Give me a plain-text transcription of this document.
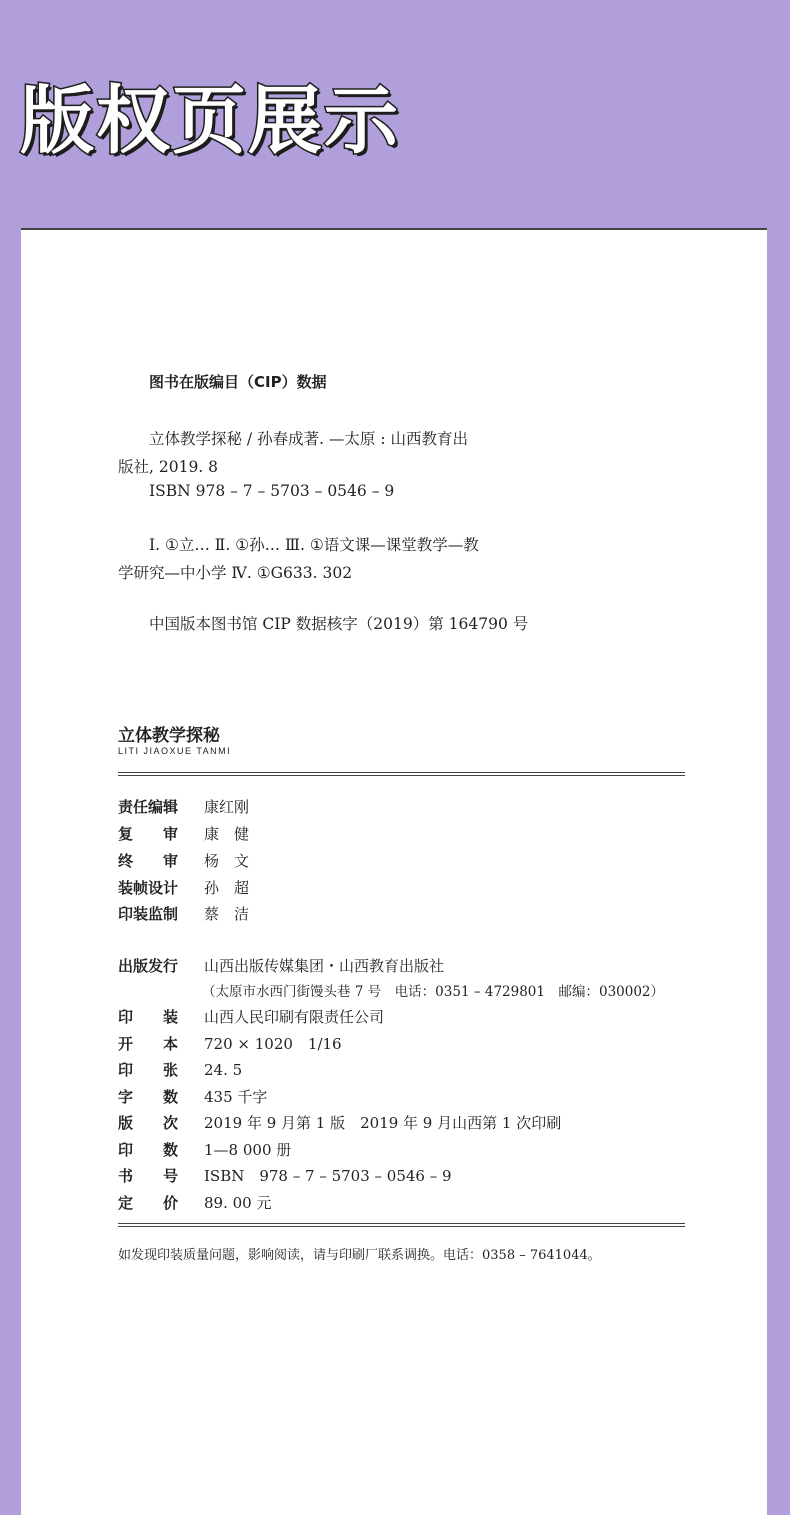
版权页展示
图书在版编目（CIP）数据
立体教学探秘 / 孙春成著. —太原 : 山西教育出
版社, 2019. 8
ISBN 978 – 7 – 5703 – 0546 – 9
Ⅰ. ①立… Ⅱ. ①孙… Ⅲ. ①语文课—课堂教学—教
学研究—中小学 Ⅳ. ①G633. 302
中国版本图书馆 CIP 数据核字（2019）第 164790 号
立体教学探秘
LITI JIAOXUE TANMI
责任编辑 康红刚
复　　审 康　健
终　　审 杨　文
装帧设计 孙　超
印装监制 蔡　洁
出版发行 山西出版传媒集团・山西教育出版社
（太原市水西门街馒头巷 7 号　电话：0351 – 4729801　邮编：030002）
印　　装 山西人民印刷有限责任公司
开　　本 720 × 1020　1/16
印　　张 24. 5
字　　数 435 千字
版　　次 2019 年 9 月第 1 版　2019 年 9 月山西第 1 次印刷
印　　数 1—8 000 册
书　　号 ISBN　978 – 7 – 5703 – 0546 – 9
定　　价 89. 00 元
如发现印装质量问题，影响阅读，请与印刷厂联系调换。电话：0358 – 7641044。
